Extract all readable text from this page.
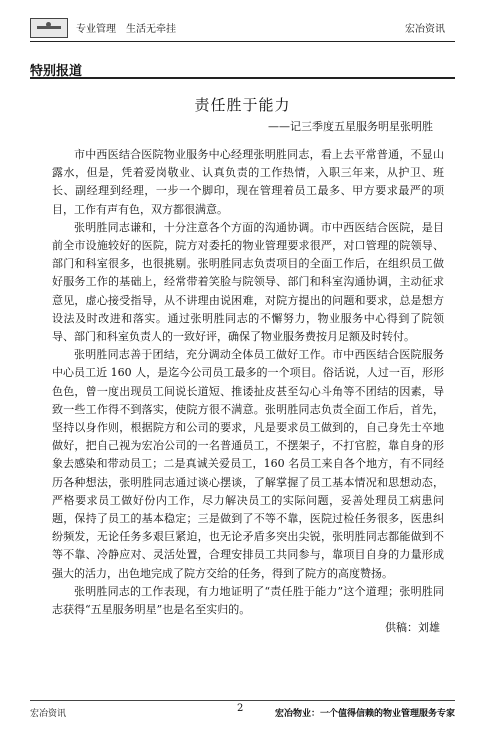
专业管理 生活无牵挂	宏冶资讯
特别报道
责任胜于能力
——记三季度五星服务明星张明胜

市中西医结合医院物业服务中心经理张明胜同志，看上去平常普通，不显山露水，但是，凭着爱岗敬业、认真负责的工作热情，入职三年来，从护卫、班长、副经理到经理，一步一个脚印，现在管理着员工最多、甲方要求最严的项目，工作有声有色，双方都很满意。

张明胜同志谦和，十分注意各个方面的沟通协调。市中西医结合医院，是目前全市设施较好的医院，院方对委托的物业管理要求很严，对口管理的院领导、部门和科室很多，也很挑剔。张明胜同志负责项目的全面工作后，在组织员工做好服务工作的基础上，经常带着笑脸与院领导、部门和科室沟通协调，主动征求意见，虚心接受指导，从不讲理由说困难，对院方提出的问题和要求，总是想方设法及时改进和落实。通过张明胜同志的不懈努力，物业服务中心得到了院领导、部门和科室负责人的一致好评，确保了物业服务费按月足额及时转付。

张明胜同志善于团结，充分调动全体员工做好工作。市中西医结合医院服务中心员工近 160 人，是迄今公司员工最多的一个项目。俗话说，人过一百，形形色色，曾一度出现员工间说长道短、推诿扯皮甚至勾心斗角等不团结的因素，导致一些工作得不到落实，使院方很不满意。张明胜同志负责全面工作后，首先，坚持以身作则，根据院方和公司的要求，凡是要求员工做到的，自己身先士卒地做好，把自己视为宏冶公司的一名普通员工，不摆架子，不打官腔，靠自身的形象去感染和带动员工；二是真诚关爱员工，160 名员工来自各个地方，有不同经历各种想法，张明胜同志通过谈心摆谈，了解掌握了员工基本情况和思想动态，严格要求员工做好份内工作，尽力解决员工的实际问题，妥善处理员工病患问题，保持了员工的基本稳定；三是做到了不等不靠，医院过检任务很多，医患纠纷频发，无论任务多艰巨紧迫，也无论矛盾多突出尖锐，张明胜同志都能做到不等不靠、冷静应对、灵活处置，合理安排员工共同参与，靠项目自身的力量形成强大的活力，出色地完成了院方交给的任务，得到了院方的高度赞扬。

张明胜同志的工作表现，有力地证明了“责任胜于能力”这个道理；张明胜同志获得“五星服务明星”也是名至实归的。

供稿：刘雄
宏冶资讯	2	宏冶物业：一个值得信赖的物业管理服务专家
